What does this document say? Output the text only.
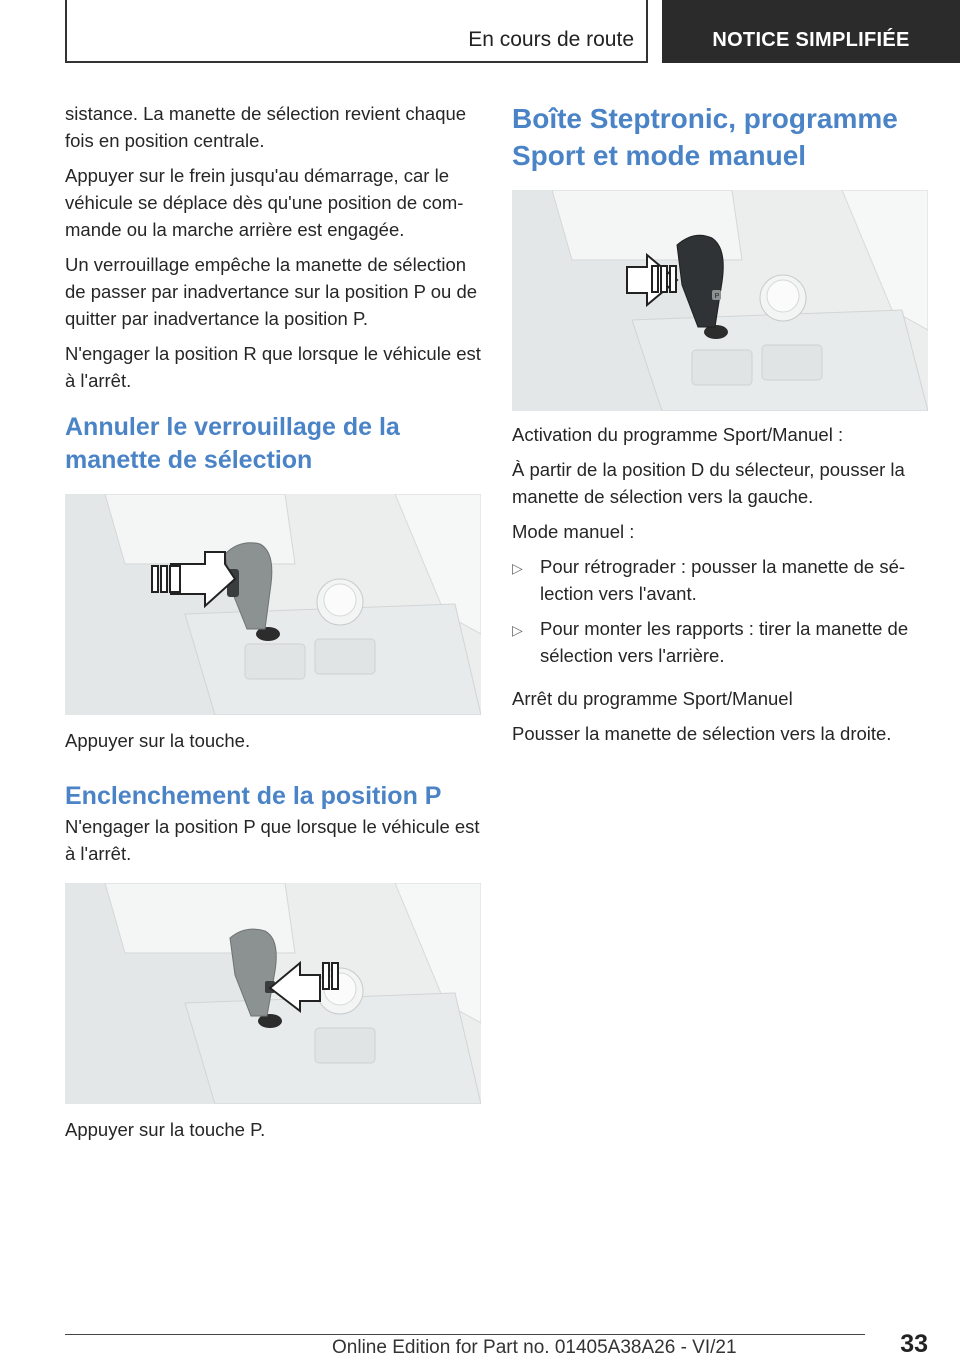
En cours de route	NOTICE SIMPLIFIÉE

sistance. La manette de sélection revient chaque fois en position centrale.

Appuyer sur le frein jusqu'au démarrage, car le véhicule se déplace dès qu'une position de com‐mande ou la marche arrière est engagée.

Un verrouillage empêche la manette de sélection de passer par inadvertance sur la position P ou de quitter par inadvertance la position P.

N'engager la position R que lorsque le véhicule est à l'arrêt.

Annuler le verrouillage de la manette de sélection

Appuyer sur la touche.

Enclenchement de la position P

N'engager la position P que lorsque le véhicule est à l'arrêt.

Appuyer sur la touche P.

Boîte Steptronic, programme Sport et mode manuel
P

Activation du programme Sport/Manuel :

À partir de la position D du sélecteur, pousser la manette de sélection vers la gauche.

Mode manuel :

▷ Pour rétrograder : pousser la manette de sé‐lection vers l'avant.
▷ Pour monter les rapports : tirer la manette de sélection vers l'arrière.

Arrêt du programme Sport/Manuel

Pousser la manette de sélection vers la droite.

33
Online Edition for Part no. 01405A38A26 - VI/21
